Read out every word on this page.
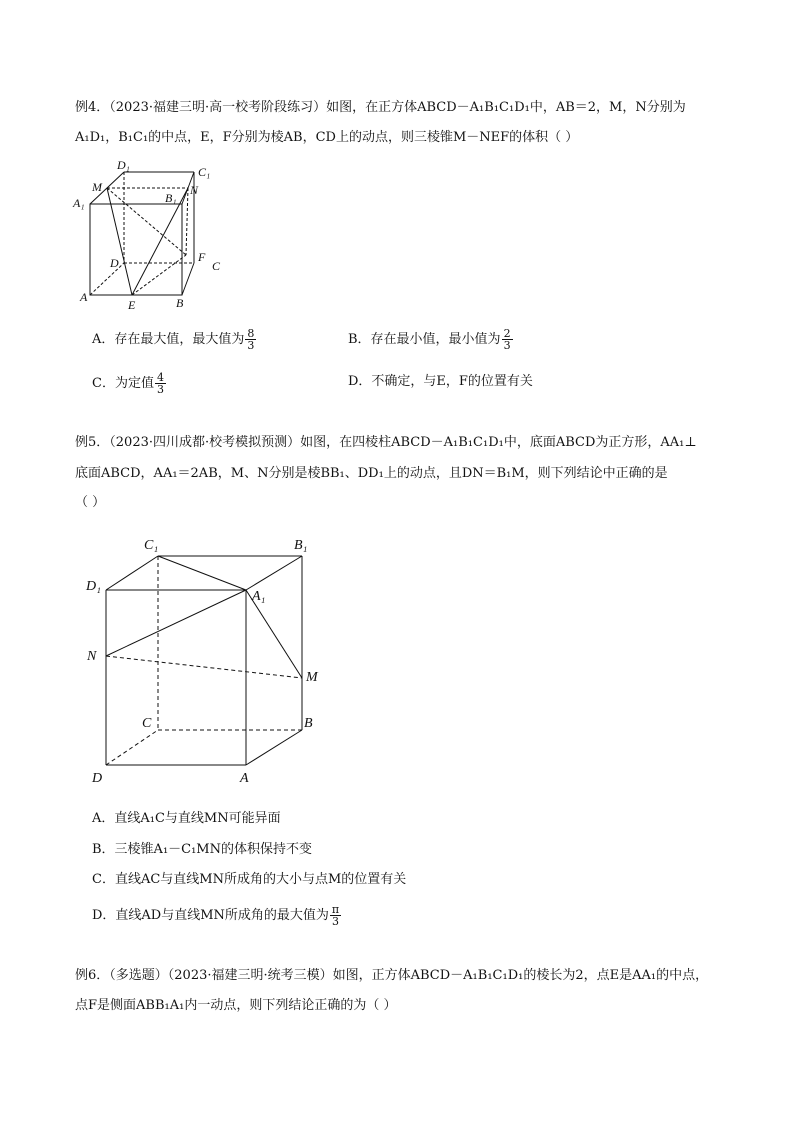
例4．（2023·福建三明·高一校考阶段练习）如图，在正方体ABCD－A₁B₁C₁D₁中，AB＝2，M，N分别为
A₁D₁，B₁C₁的中点，E，F分别为棱AB，CD上的动点，则三棱锥M－NEF的体积（ ）
D₁	C₁
M
B₁
N
A₁
D	F
C
A
E	B
A．存在最大值，最大值为 $\frac{8}{3}$	B．存在最小值，最小值为 $\frac{2}{3}$
C．为定值 $\frac{4}{3}$	D．不确定，与E，F的位置有关
例5．（2023·四川成都·校考模拟预测）如图，在四棱柱ABCD－A₁B₁C₁D₁中，底面ABCD为正方形，AA₁⊥
底面ABCD，AA₁＝2AB，M、N分别是棱BB₁、DD₁上的动点，且DN＝B₁M，则下列结论中正确的是
（ ）
C₁	B₁
D₁
A₁
N
M
C	B
D	A
A．直线A₁C与直线MN可能异面
B．三棱锥A₁－C₁MN的体积保持不变
C．直线AC与直线MN所成角的大小与点M的位置有关
D．直线AD与直线MN所成角的最大值为 $\frac{\pi}{3}$
例6．（多选题）（2023·福建三明·统考三模）如图，正方体ABCD－A₁B₁C₁D₁的棱长为2，点E是AA₁的中点，
点F是侧面ABB₁A₁内一动点，则下列结论正确的为（ ）
